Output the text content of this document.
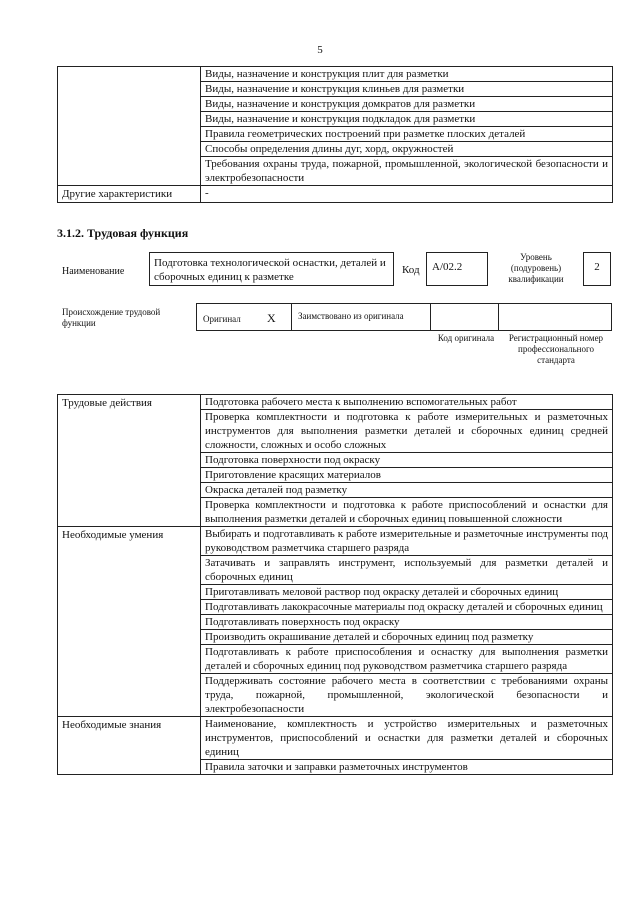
5
	Виды, назначение и конструкция плит для разметки
	Виды, назначение и конструкция клиньев для разметки
	Виды, назначение и конструкция домкратов для разметки
	Виды, назначение и конструкция подкладок для разметки
	Правила геометрических построений при разметке плоских деталей
	Способы определения длины дуг, хорд, окружностей
	Требования охраны труда, пожарной, промышленной, экологической безопасности и электробезопасности
Другие характеристики	-
3.1.2. Трудовая функция
Наименование
Подготовка технологической оснастки, деталей и сборочных единиц к разметке
Код	A/02.2
Уровень (подуровень) квалификации
2
Происхождение трудовой функции	Оригинал X	Заимствовано из оригинала
Код оригинала	Регистрационный номер профессионального стандарта
Трудовые действия	Подготовка рабочего места к выполнению вспомогательных работ
	Проверка комплектности и подготовка к работе измерительных и разметочных инструментов для выполнения разметки деталей и сборочных единиц средней сложности, сложных и особо сложных
	Подготовка поверхности под окраску
	Приготовление красящих материалов
	Окраска деталей под разметку
	Проверка комплектности и подготовка к работе приспособлений и оснастки для выполнения разметки деталей и сборочных единиц повышенной сложности
Необходимые умения	Выбирать и подготавливать к работе измерительные и разметочные инструменты под руководством разметчика старшего разряда
	Затачивать и заправлять инструмент, используемый для разметки деталей и сборочных единиц
	Приготавливать меловой раствор под окраску деталей и сборочных единиц
	Подготавливать лакокрасочные материалы под окраску деталей и сборочных единиц
	Подготавливать поверхность под окраску
	Производить окрашивание деталей и сборочных единиц под разметку
	Подготавливать к работе приспособления и оснастку для выполнения разметки деталей и сборочных единиц под руководством разметчика старшего разряда
	Поддерживать состояние рабочего места в соответствии с требованиями охраны труда, пожарной, промышленной, экологической безопасности и электробезопасности
Необходимые знания	Наименование, комплектность и устройство измерительных и разметочных инструментов, приспособлений и оснастки для разметки деталей и сборочных единиц
	Правила заточки и заправки разметочных инструментов
